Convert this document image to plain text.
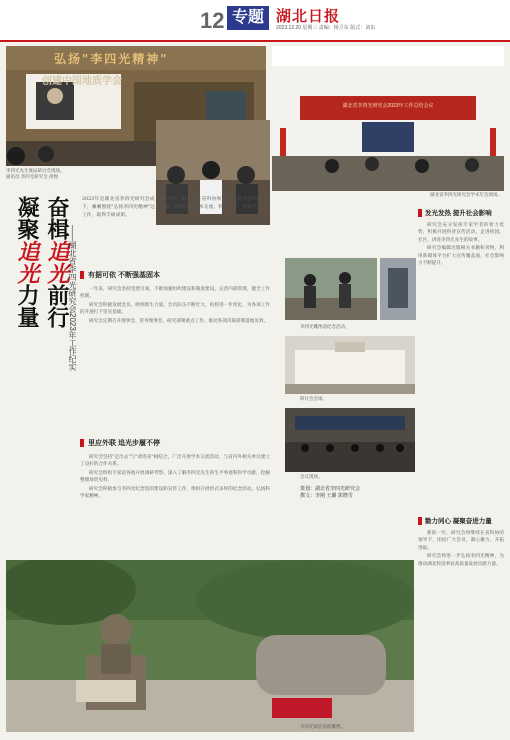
12 专题 湖北日报
2023.12.20 星期三 责编：杨卫东 版式：刘东
弘扬"李四光精神"
创建中国地质学会
湖北省李四光研究会2023年工作总结会议
李四光先生诞辰研讨会现场。
通讯员 李四光研究会 供图
湖北省李四光研究会学术年会现场。
2023年是湖北省李四光研究会成立40周年，研究会在省科协和中国地质学会的指导下，紧紧围绕"弘扬李四光精神"这一主题，积极开展学术交流、科普宣传、决策咨询等工作，取得丰硕成果。
凝聚
追光
力量
奋楫
追光
前行
——湖北省李四光研究会2023年工作纪实 有据可依 不断强基固本

一年来，研究会坚持党建引领，不断加强组织建设和制度建设，完善内部管理，健全工作机制。

研究会积极发展会员，吸纳新生力量，会员队伍不断壮大，结构进一步优化，为各项工作的开展打下坚实基础。

研究会定期召开理事会、常务理事会，研究部署重点工作，推动各项决策部署落地见效。

里应外联 追光步履不停

研究会坚持"走出去"与"请进来"相结合，广泛开展学术交流活动，与省内外相关单位建立了良好的合作关系。

研究会组织专家赴各地开展调研考察，深入了解李四光先生的生平事迹和科学贡献，挖掘整理珍贵史料。

研究会积极参与李四光纪念馆的建设和宣传工作，组织开展形式多样的纪念活动，弘扬科学家精神。

李四光雕像前纪念活动。
研讨会会场。
会议现场。
策划：湖北省李四光研究会
撰文：李刚 王璐 郭晓雪
发光发热 提升社会影响

研究会充分发挥专家学者的智力优势，积极开展科普宣传活动，走进校园、社区，讲述李四光先生的故事。

研究会编辑出版相关书籍和刊物，利用新媒体平台扩大宣传覆盖面，社会影响力不断提升。

勠力同心 凝聚奋进力量

新的一年，研究会将继续在省科协的领导下，团结广大会员，凝心聚力，开拓进取。

研究会将进一步弘扬李四光精神，为推动湖北科技事业高质量发展贡献力量。

李四光故居前的雕像。
